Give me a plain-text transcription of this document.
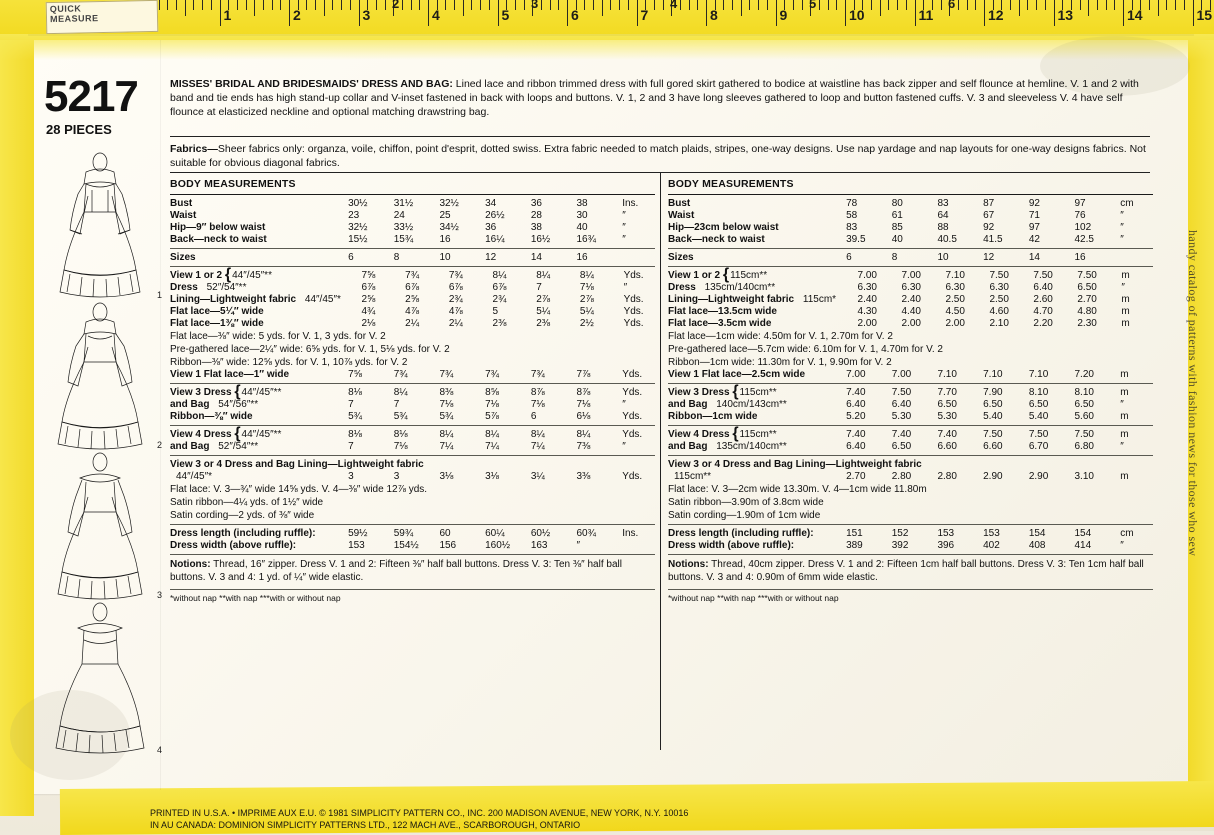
1	2	3	4	5	6	7	8	9	10	11	12	13	14	15
2	3	4	5	6
QUICK
MEASURE
5217
28 PIECES
1
2
3
4
handy catalog of patterns with fashion news for those who sew
MISSES' BRIDAL AND BRIDESMAIDS' DRESS AND BAG: Lined lace and ribbon trimmed dress with full gored skirt gathered to bodice at waistline has back zipper and self flounce at hemline. V. 1 and 2 with band and tie ends has high stand-up collar and V-inset fastened in back with loops and buttons. V. 1, 2 and 3 have long sleeves gathered to loop and button fastened cuffs. V. 3 and sleeveless V. 4 have self flounce at elasticized neckline and optional matching drawstring bag.
Fabrics—Sheer fabrics only: organza, voile, chiffon, point d'esprit, dotted swiss. Extra fabric needed to match plaids, stripes, one-way designs. Use nap yardage and nap layouts for one-way designs fabrics. Not suitable for obvious diagonal fabrics.
BODY MEASUREMENTS
Bust	30½	31½	32½	34	36	38	Ins.
Waist	23	24	25	26½	28	30	″
Hip—9″ below waist	32½	33½	34½	36	38	40	″
Back—neck to waist	15½	15¾	16	16¼	16½	16¾	″
Sizes	6	8	10	12	14	16	
View 1 or 2 {44″/45″**	7⅝	7¾	7¾	8¼	8¼	8¼	Yds.
Dress 52″/54″**	6⅞	6⅞	6⅞	6⅞	7	7⅛	″
Lining—Lightweight fabric 44″/45″*	2⅝	2⅝	2¾	2¾	2⅞	2⅞	Yds.
Flat lace—5¼″ wide	4¾	4⅞	4⅞	5	5¼	5¼	Yds.
Flat lace—1⅜″ wide	2⅛	2¼	2¼	2⅜	2⅜	2½	Yds.
Flat lace—⅜″ wide: 5 yds. for V. 1, 3 yds. for V. 2
Pre-gathered lace—2¼″ wide: 6⅝ yds. for V. 1, 5⅛ yds. for V. 2
Ribbon—⅜″ wide: 12⅝ yds. for V. 1, 10⅞ yds. for V. 2
View 1 Flat lace—1″ wide	7⅝	7¾	7¾	7¾	7¾	7⅞	Yds.
View 3 Dress {44″/45″**	8⅛	8¼	8⅜	8⅝	8⅞	8⅞	Yds.
and Bag 54″/56″**	7	7	7⅛	7⅛	7⅛	7⅛	″
Ribbon—⅜″ wide	5¾	5¾	5¾	5⅞	6	6⅛	Yds.
View 4 Dress {44″/45″**	8⅛	8⅛	8¼	8¼	8¼	8¼	Yds.
and Bag 52″/54″**	7	7⅛	7¼	7¼	7¼	7⅜	″
View 3 or 4 Dress and Bag Lining—Lightweight fabric
44″/45″*	3	3	3⅛	3⅛	3¼	3⅜	Yds.
Flat lace: V. 3—¾″ wide 14⅝ yds. V. 4—⅜″ wide 12⅞ yds.
Satin ribbon—4¼ yds. of 1½″ wide
Satin cording—2 yds. of ⅜″ wide
Dress length (including ruffle):	59½	59¾	60	60¼	60½	60¾	Ins.
Dress width (above ruffle):	153	154½	156	160½	163	″	
Notions: Thread, 16″ zipper. Dress V. 1 and 2: Fifteen ⅜″ half ball buttons. Dress V. 3: Ten ⅜″ half ball buttons. V. 3 and 4: 1 yd. of ¼″ wide elastic.
*without nap **with nap ***with or without nap
BODY MEASUREMENTS
Bust	78	80	83	87	92	97	cm
Waist	58	61	64	67	71	76	″
Hip—23cm below waist	83	85	88	92	97	102	″
Back—neck to waist	39.5	40	40.5	41.5	42	42.5	″
Sizes	6	8	10	12	14	16	
View 1 or 2 {115cm**	7.00	7.00	7.10	7.50	7.50	7.50	m
Dress 135cm/140cm**	6.30	6.30	6.30	6.30	6.40	6.50	″
Lining—Lightweight fabric 115cm*	2.40	2.40	2.50	2.50	2.60	2.70	m
Flat lace—13.5cm wide	4.30	4.40	4.50	4.60	4.70	4.80	m
Flat lace—3.5cm wide	2.00	2.00	2.00	2.10	2.20	2.30	m
Flat lace—1cm wide: 4.50m for V. 1, 2.70m for V. 2
Pre-gathered lace—5.7cm wide: 6.10m for V. 1, 4.70m for V. 2
Ribbon—1cm wide: 11.30m for V. 1, 9.90m for V. 2
View 1 Flat lace—2.5cm wide	7.00	7.00	7.10	7.10	7.10	7.20	m
View 3 Dress {115cm**	7.40	7.50	7.70	7.90	8.10	8.10	m
and Bag 140cm/143cm**	6.40	6.40	6.50	6.50	6.50	6.50	″
Ribbon—1cm wide	5.20	5.30	5.30	5.40	5.40	5.60	m
View 4 Dress {115cm**	7.40	7.40	7.40	7.50	7.50	7.50	m
and Bag 135cm/140cm**	6.40	6.50	6.60	6.60	6.70	6.80	″
View 3 or 4 Dress and Bag Lining—Lightweight fabric
115cm**	2.70	2.80	2.80	2.90	2.90	3.10	m
Flat lace: V. 3—2cm wide 13.30m. V. 4—1cm wide 11.80m
Satin ribbon—3.90m of 3.8cm wide
Satin cording—1.90m of 1cm wide
Dress length (including ruffle):	151	152	153	153	154	154	cm
Dress width (above ruffle):	389	392	396	402	408	414	″
Notions: Thread, 40cm zipper. Dress V. 1 and 2: Fifteen 1cm half ball buttons. Dress V. 3: Ten 1cm half ball buttons. V. 3 and 4: 0.90m of 6mm wide elastic.
*without nap **with nap ***with or without nap
PRINTED IN U.S.A. • IMPRIME AUX E.U. © 1981 SIMPLICITY PATTERN CO., INC. 200 MADISON AVENUE, NEW YORK, N.Y. 10016
IN AU CANADA: DOMINION SIMPLICITY PATTERNS LTD., 122 MACH AVE., SCARBOROUGH, ONTARIO
